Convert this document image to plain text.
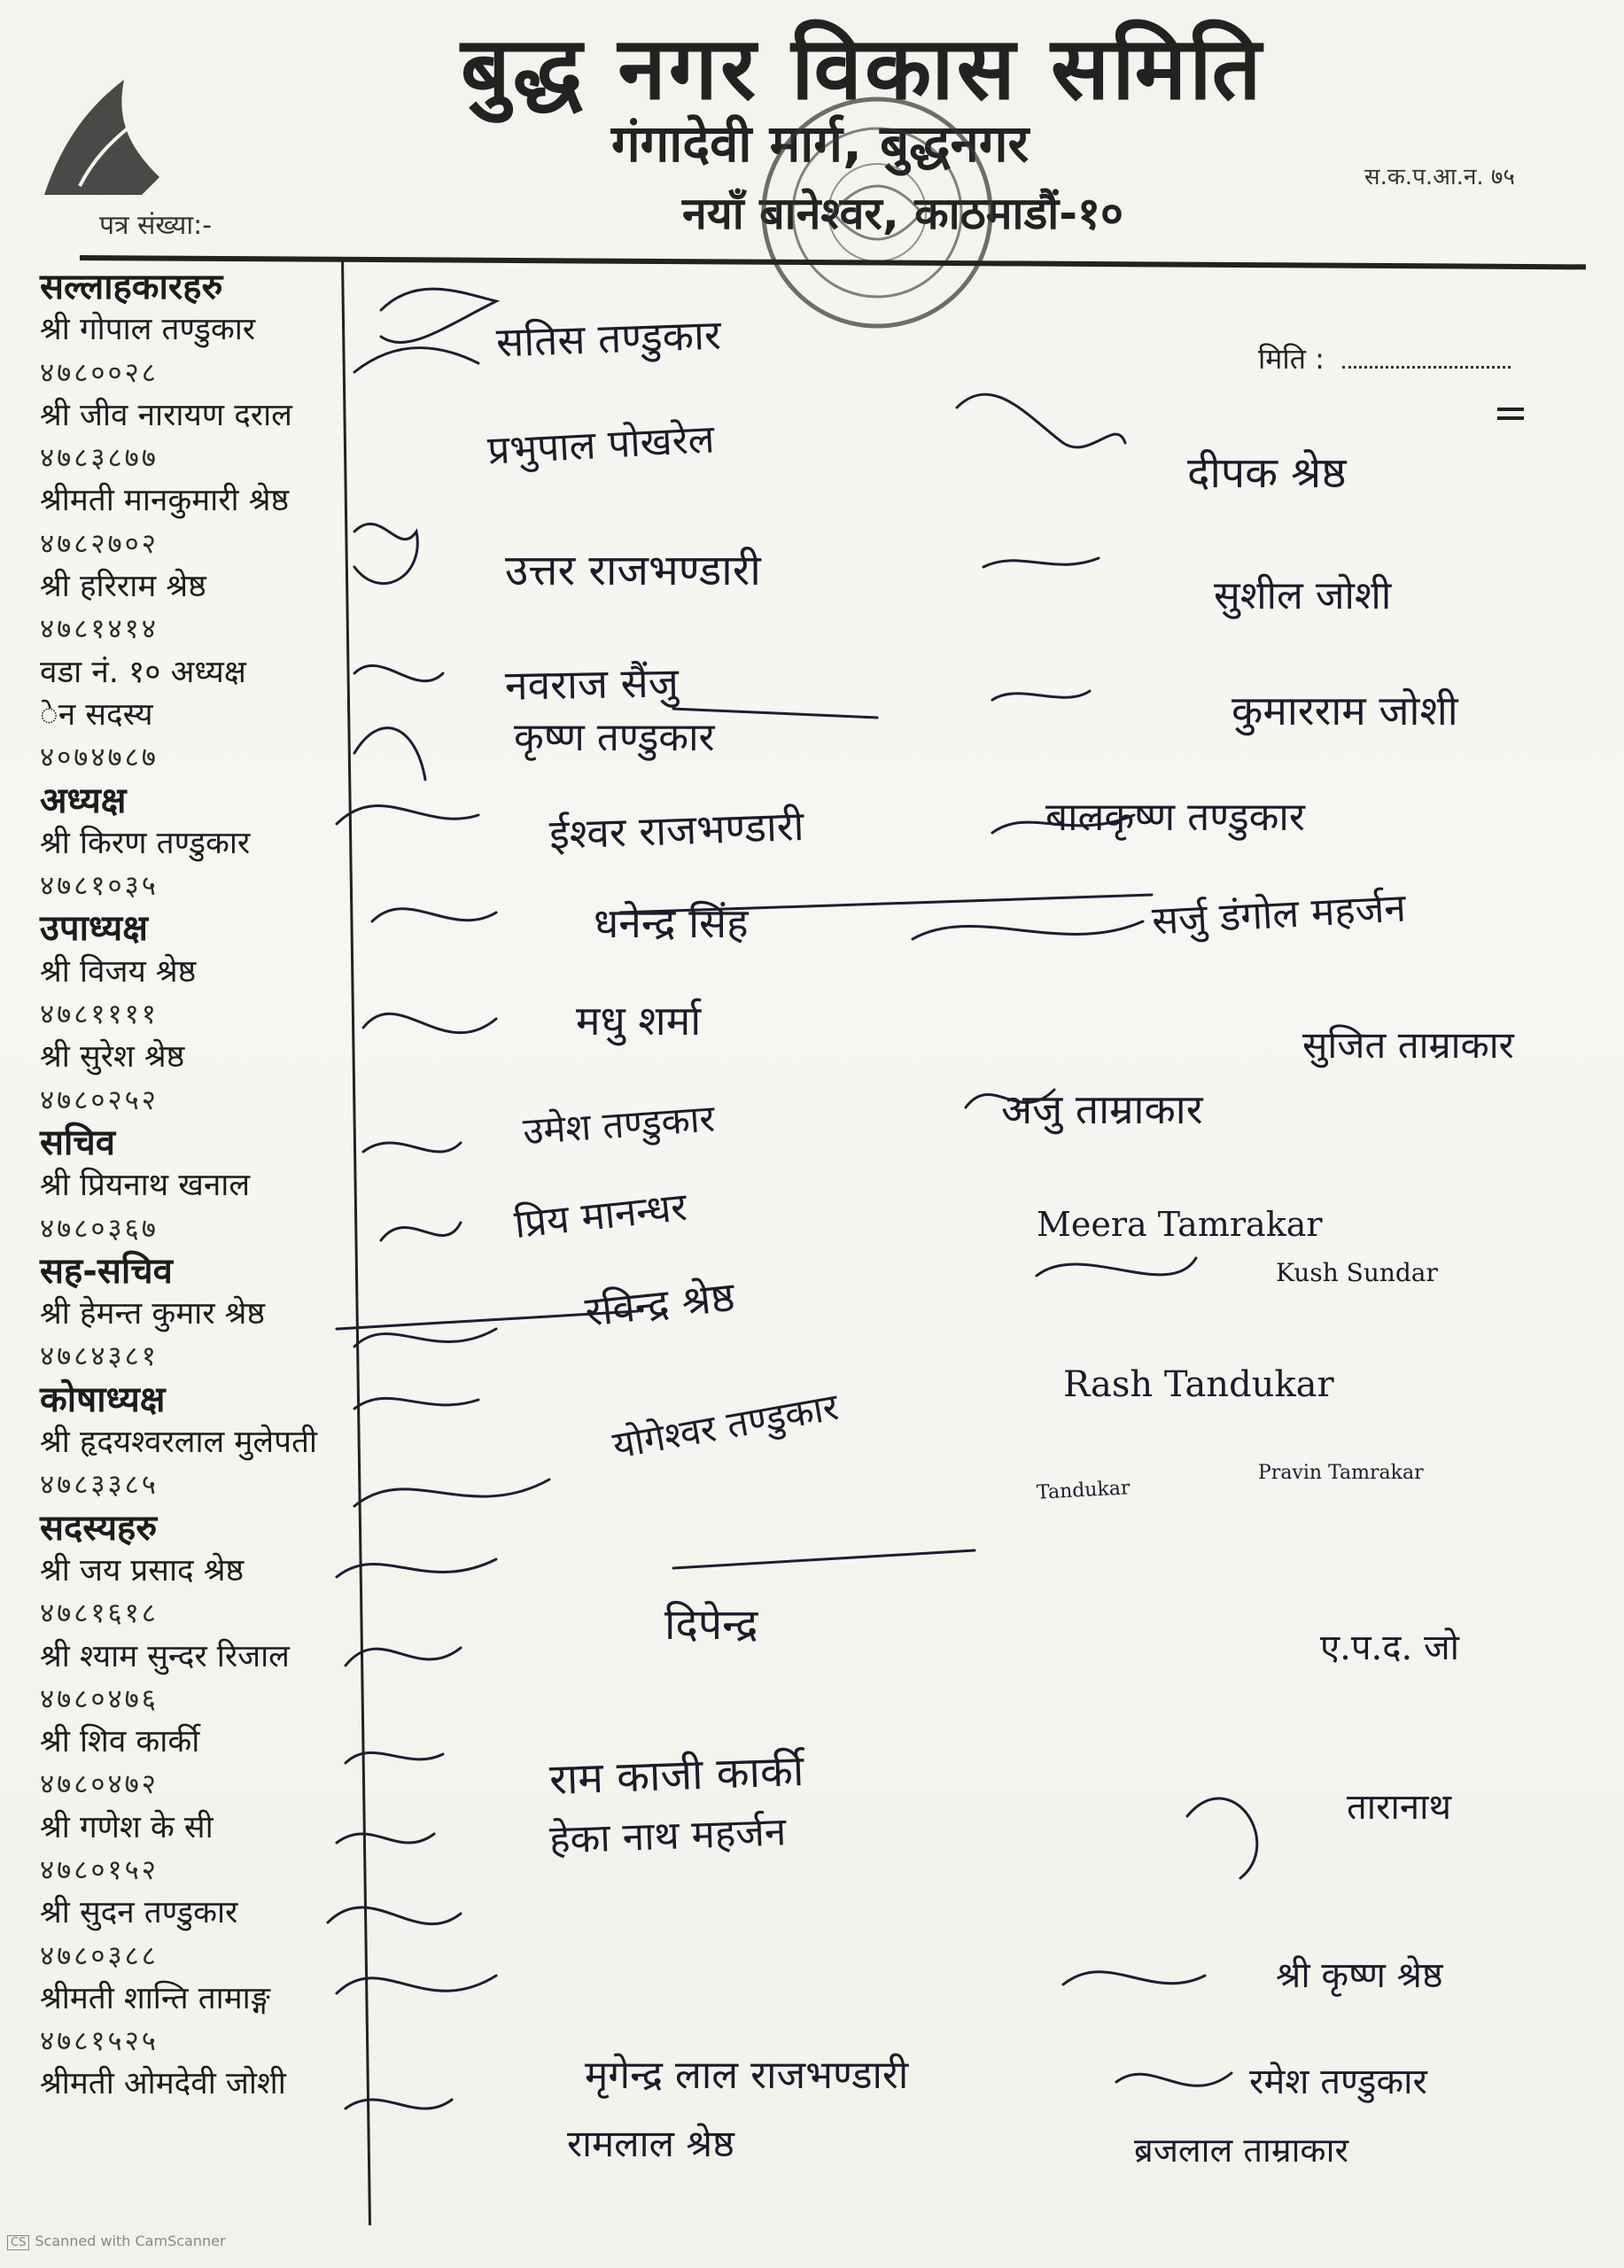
बुद्ध नगर विकास समिति
गंगादेवी मार्ग, बुद्धनगर
नयाँ बानेश्वर, काठमाडौं-१०
स.क.प.आ.न. ७५
पत्र संख्या:-
मिति :
सल्लाहकारहरु
श्री गोपाल तण्डुकार
४७८००२८
श्री जीव नारायण दराल
४७८३८७७
श्रीमती मानकुमारी श्रेष्ठ
४७८२७०२
श्री हरिराम श्रेष्ठ
४७८१४१४
वडा नं. १० अध्यक्ष
ेन सदस्य
४०७४७८७
अध्यक्ष
श्री किरण तण्डुकार
४७८१०३५
उपाध्यक्ष
श्री विजय श्रेष्ठ
४७८११११
श्री सुरेश श्रेष्ठ
४७८०२५२
सचिव
श्री प्रियनाथ खनाल
४७८०३६७
सह-सचिव
श्री हेमन्त कुमार श्रेष्ठ
४७८४३८१
कोषाध्यक्ष
श्री हृदयश्वरलाल मुलेपती
४७८३३८५
सदस्यहरु
श्री जय प्रसाद श्रेष्ठ
४७८१६१८
श्री श्याम सुन्दर रिजाल
४७८०४७६
श्री शिव कार्की
४७८०४७२
श्री गणेश के सी
४७८०१५२
श्री सुदन तण्डुकार
४७८०३८८
श्रीमती शान्ति तामाङ्ग
४७८१५२५
श्रीमती ओमदेवी जोशी
सतिस तण्डुकार
प्रभुपाल पोखरेल	दीपक श्रेष्ठ
उत्तर राजभण्डारी
सुशील जोशी
नवराज सैंजु
कृष्ण तण्डुकार
कुमारराम जोशी
ईश्वर राजभण्डारी	बालकृष्ण तण्डुकार
धनेन्द्र सिंह	सर्जु डंगोल महर्जन
मधु शर्मा
सुजित ताम्राकार
उमेश तण्डुकार	अजु ताम्राकार
प्रिय मानन्धर	Meera Tamrakar
रविन्द्र श्रेष्ठ	Kush Sundar
Rash Tandukar
योगेश्वर तण्डुकार
Tandukar
Pravin Tamrakar
दिपेन्द्र	ए.प.द. जो
राम काजी कार्की
हेका नाथ महर्जन
तारानाथ
श्री कृष्ण श्रेष्ठ
मृगेन्द्र लाल राजभण्डारी	रमेश तण्डुकार
रामलाल श्रेष्ठ	ब्रजलाल ताम्राकार
CS Scanned with CamScanner
